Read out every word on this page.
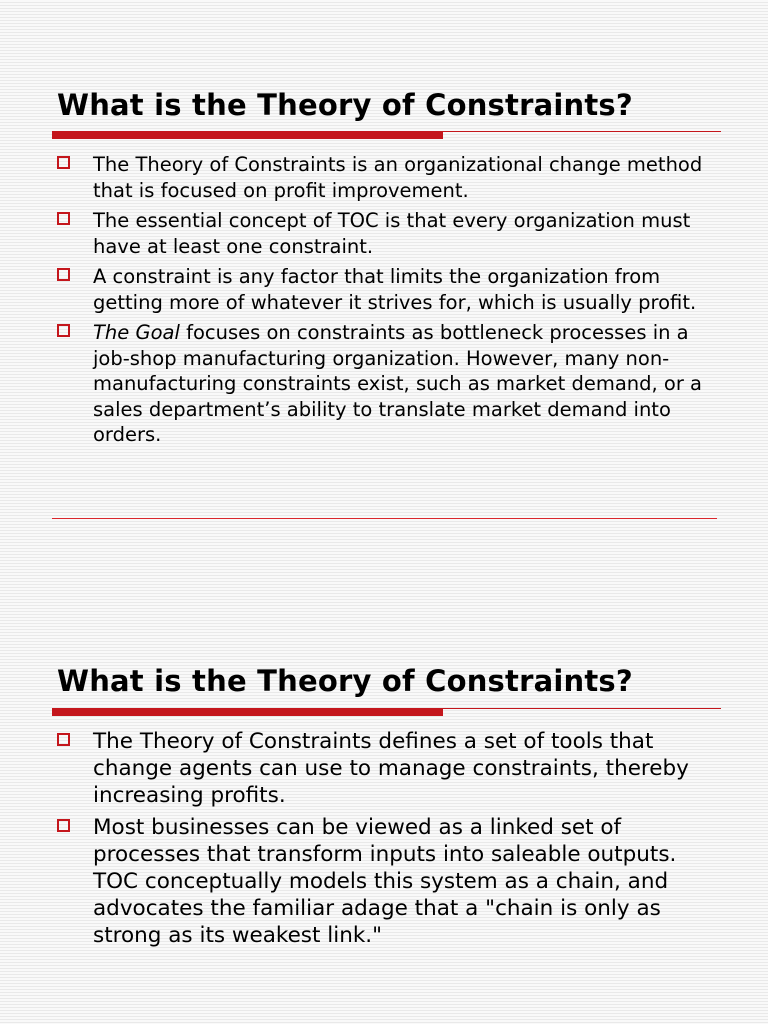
What is the Theory of Constraints?
The Theory of Constraints is an organizational change method that is focused on profit improvement.
The essential concept of TOC is that every organization must have at least one constraint.
A constraint is any factor that limits the organization from getting more of whatever it strives for, which is usually profit.
The Goal focuses on constraints as bottleneck processes in a job-shop manufacturing organization. However, many non-manufacturing constraints exist, such as market demand, or a sales department’s ability to translate market demand into orders.
What is the Theory of Constraints?
The Theory of Constraints defines a set of tools that change agents can use to manage constraints, thereby increasing profits.
Most businesses can be viewed as a linked set of processes that transform inputs into saleable outputs. TOC conceptually models this system as a chain, and advocates the familiar adage that a "chain is only as strong as its weakest link."
